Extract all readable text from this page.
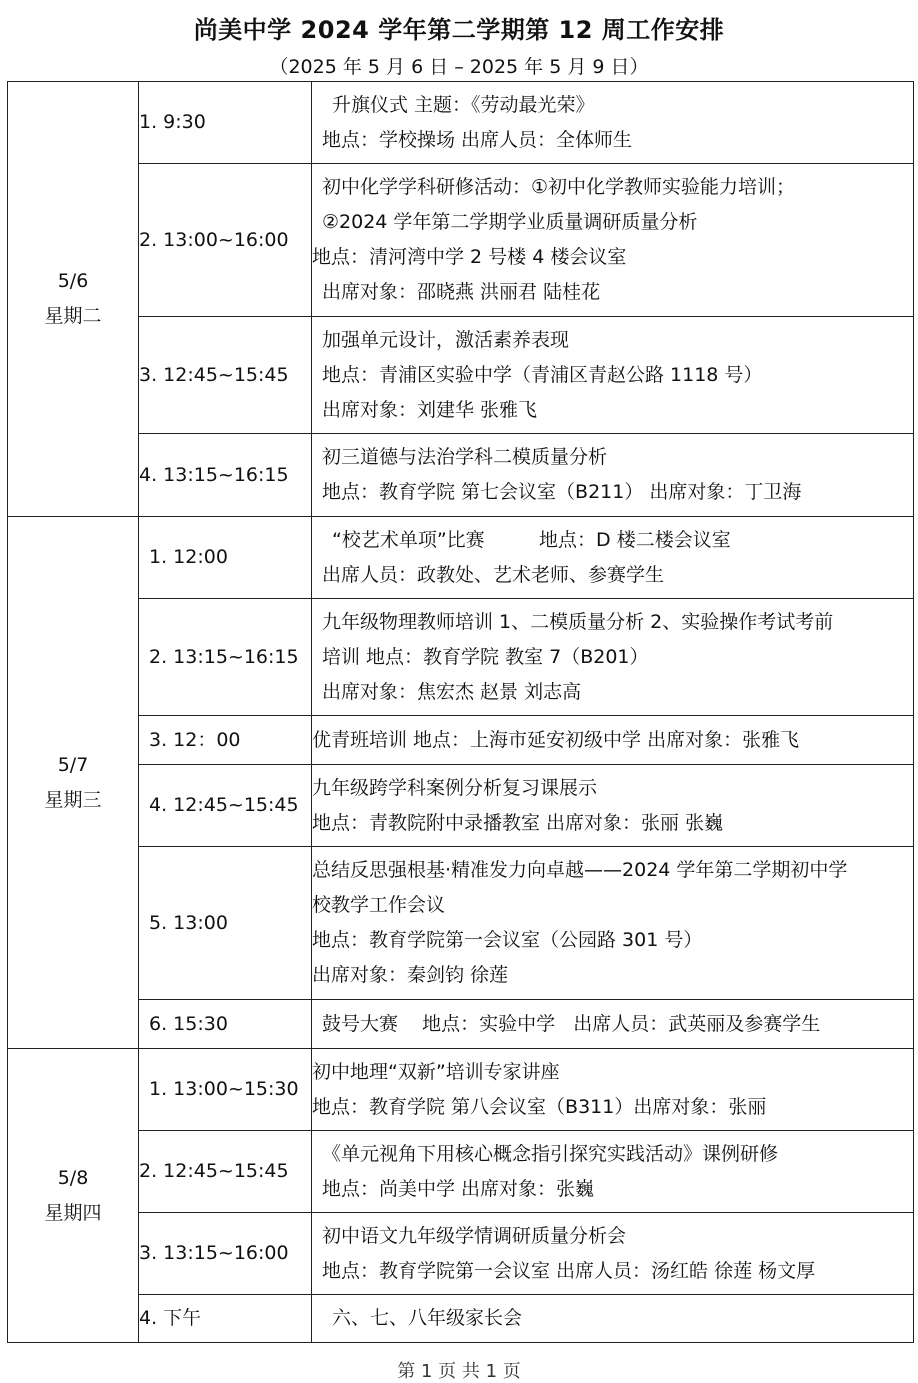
尚美中学 2024 学年第二学期第 12 周工作安排
（2025 年 5 月 6 日 – 2025 年 5 月 9 日）
5/6
星期二	1. 9:30	升旗仪式 主题：《劳动最光荣》
地点：学校操场 出席人员：全体师生

	2. 13:00~16:00	初中化学学科研修活动：①初中化学教师实验能力培训；
②2024 学年第二学期学业质量调研质量分析
地点：清河湾中学 2 号楼 4 楼会议室
出席对象：邵晓燕 洪丽君 陆桂花

	3. 12:45~15:45	加强单元设计，激活素养表现
地点：青浦区实验中学（青浦区青赵公路 1118 号）
出席对象：刘建华 张雅飞

	4. 13:15~16:15	初三道德与法治学科二模质量分析
地点：教育学院 第七会议室（B211） 出席对象：丁卫海

5/7
星期三	1. 12:00	“校艺术单项”比赛         地点：D 楼二楼会议室
出席人员：政教处、艺术老师、参赛学生

	2. 13:15~16:15	九年级物理教师培训 1、二模质量分析 2、实验操作考试考前
培训 地点：教育学院 教室 7（B201）
出席对象：焦宏杰 赵景 刘志高

	3. 12：00	优青班培训 地点：上海市延安初级中学 出席对象：张雅飞

	4. 12:45~15:45	九年级跨学科案例分析复习课展示
地点：青教院附中录播教室 出席对象：张丽 张巍

	5. 13:00	总结反思强根基·精准发力向卓越——2024 学年第二学期初中学
校教学工作会议
地点：教育学院第一会议室（公园路 301 号）
出席对象：秦剑钧 徐莲

	6. 15:30	鼓号大赛    地点：实验中学   出席人员：武英丽及参赛学生

5/8
星期四	1. 13:00~15:30	初中地理“双新”培训专家讲座
地点：教育学院 第八会议室（B311）出席对象：张丽

	2. 12:45~15:45	《单元视角下用核心概念指引探究实践活动》课例研修
地点：尚美中学 出席对象：张巍

	3. 13:15~16:00	初中语文九年级学情调研质量分析会
地点：教育学院第一会议室 出席人员：汤红皓 徐莲 杨文厚

	4. 下午	六、七、八年级家长会
第 1 页 共 1 页
